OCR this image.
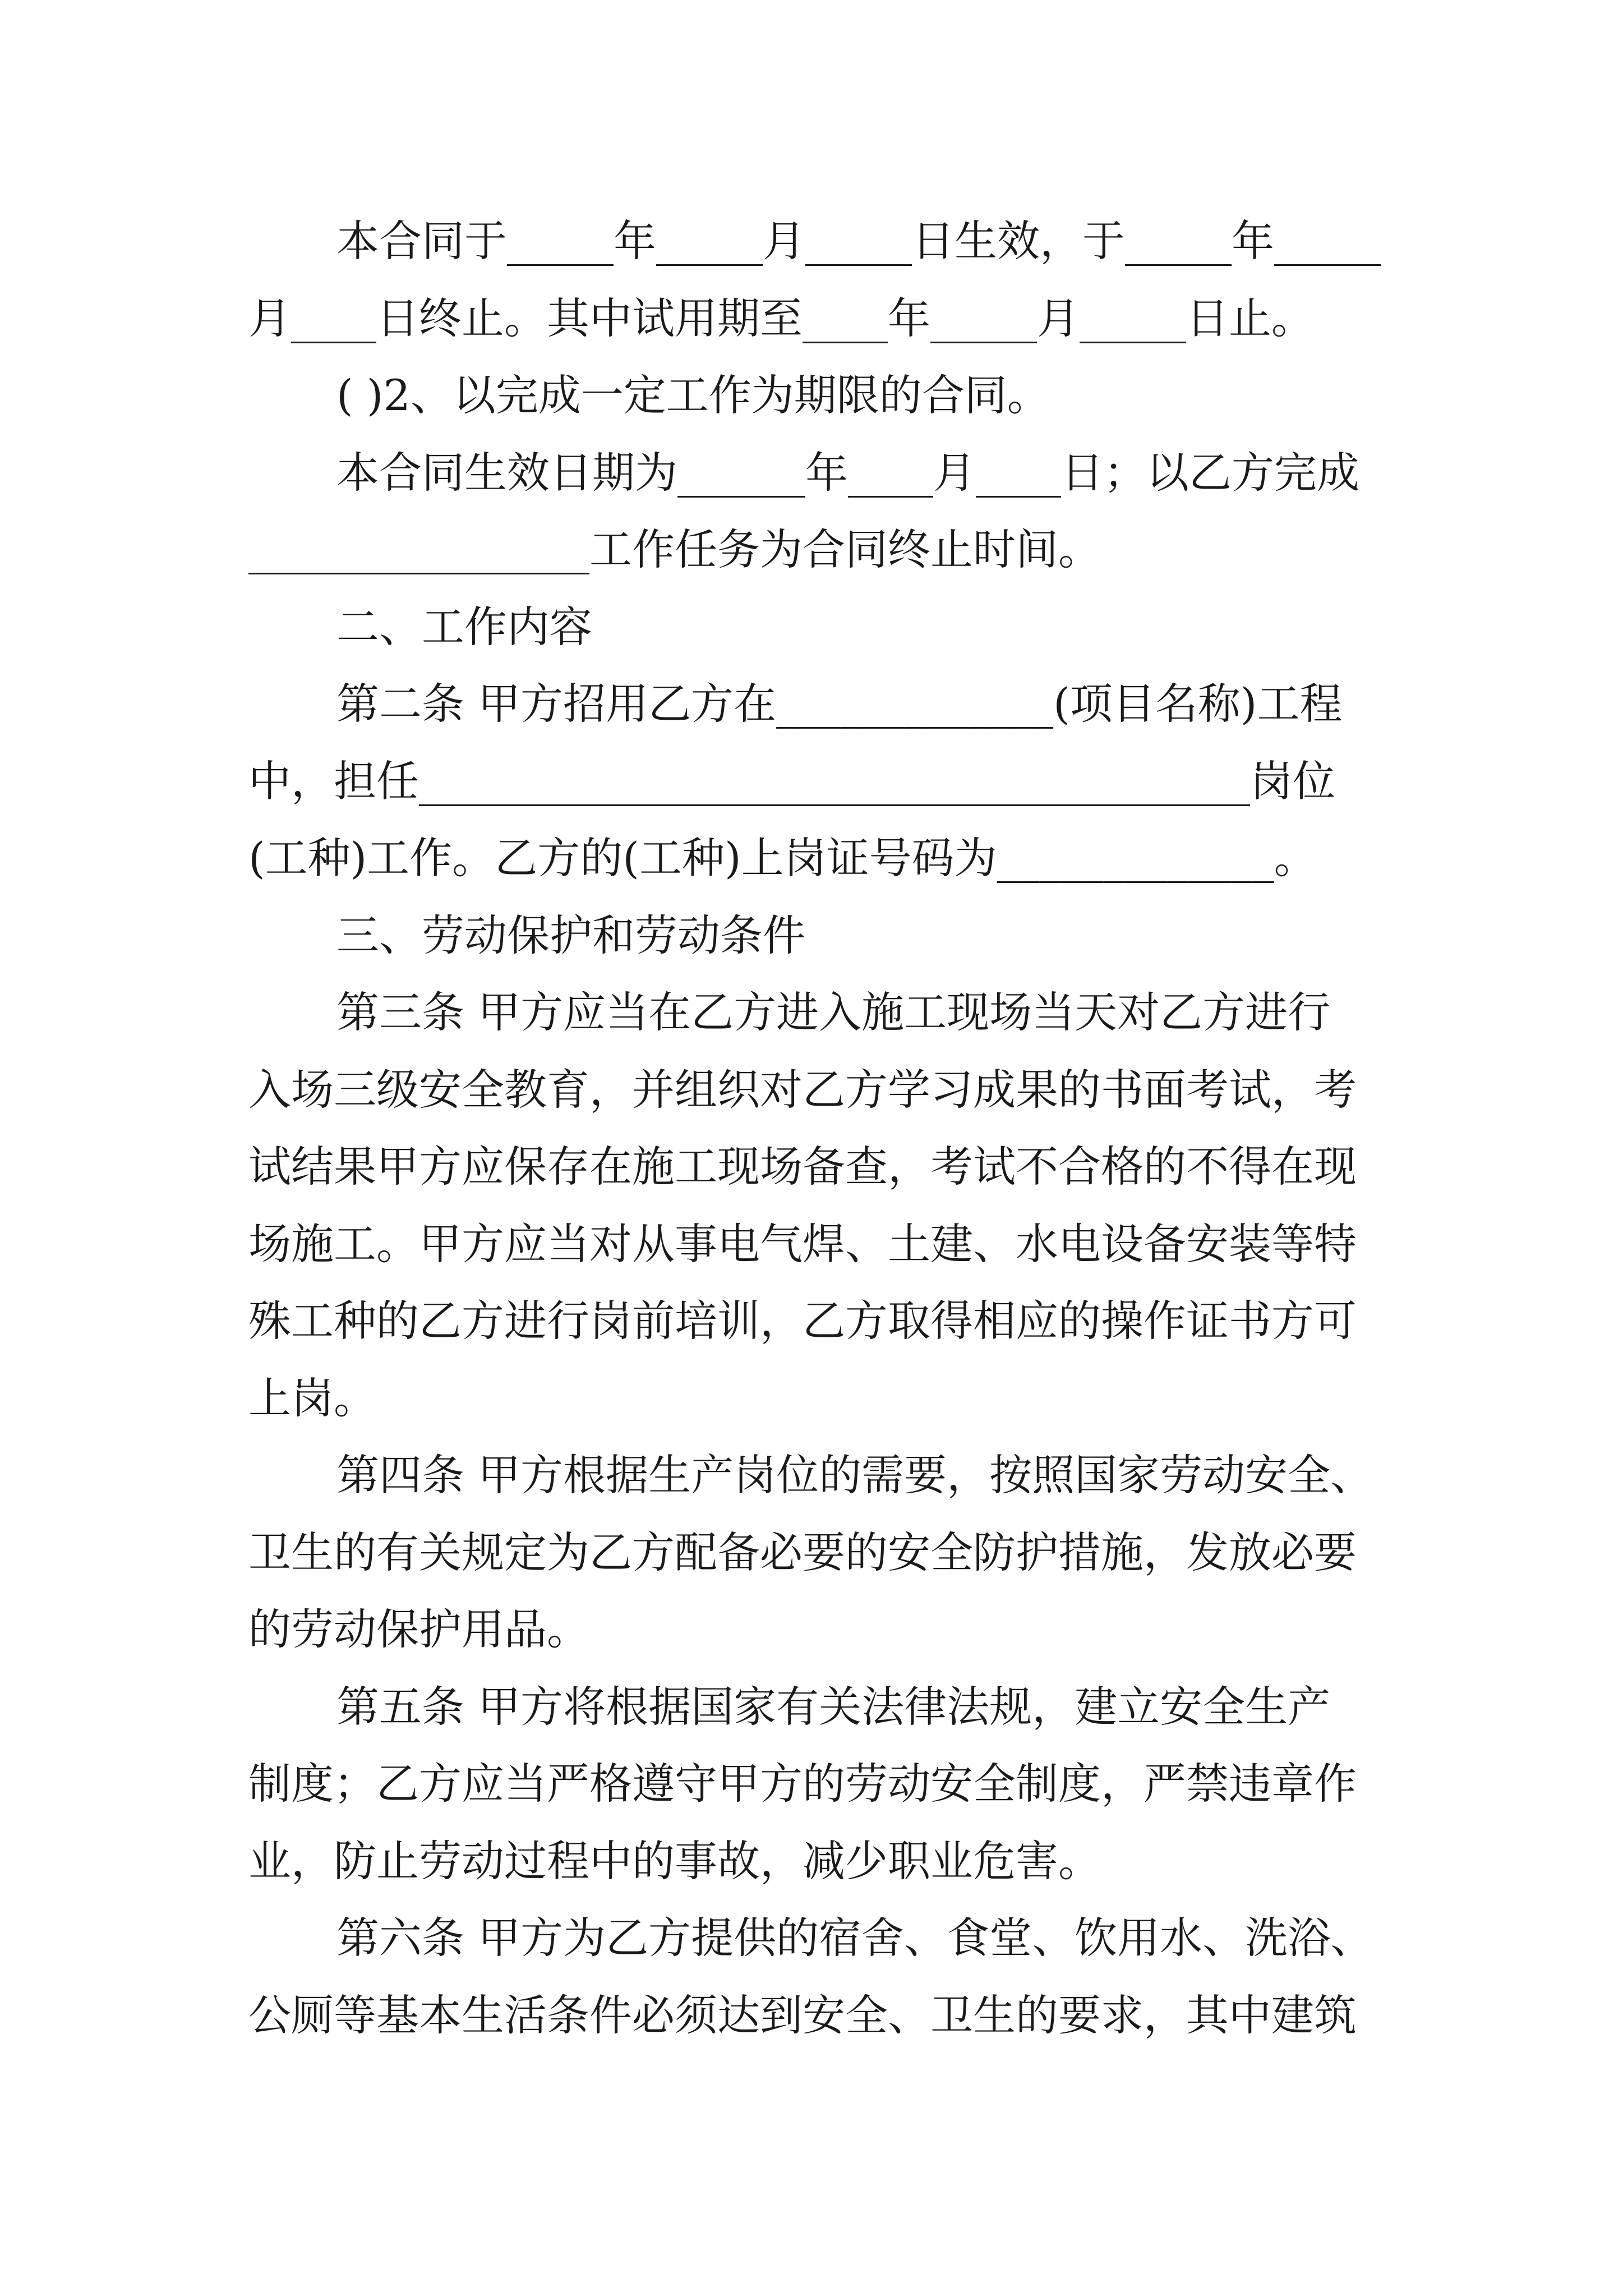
本合同于_____年_____月_____日生效，于_____年_____
月____日终止。其中试用期至____年_____月_____日止。
( )2、以完成一定工作为期限的合同。
本合同生效日期为______年____月____日；以乙方完成
________________工作任务为合同终止时间。
二、工作内容
第二条 甲方招用乙方在_____________(项目名称)工程
中，担任_______________________________________岗位
(工种)工作。乙方的(工种)上岗证号码为_____________。
三、劳动保护和劳动条件
第三条 甲方应当在乙方进入施工现场当天对乙方进行
入场三级安全教育，并组织对乙方学习成果的书面考试，考
试结果甲方应保存在施工现场备查，考试不合格的不得在现
场施工。甲方应当对从事电气焊、土建、水电设备安装等特
殊工种的乙方进行岗前培训，乙方取得相应的操作证书方可
上岗。
第四条 甲方根据生产岗位的需要，按照国家劳动安全、
卫生的有关规定为乙方配备必要的安全防护措施，发放必要
的劳动保护用品。
第五条 甲方将根据国家有关法律法规，建立安全生产
制度；乙方应当严格遵守甲方的劳动安全制度，严禁违章作
业，防止劳动过程中的事故，减少职业危害。
第六条 甲方为乙方提供的宿舍、食堂、饮用水、洗浴、
公厕等基本生活条件必须达到安全、卫生的要求，其中建筑
